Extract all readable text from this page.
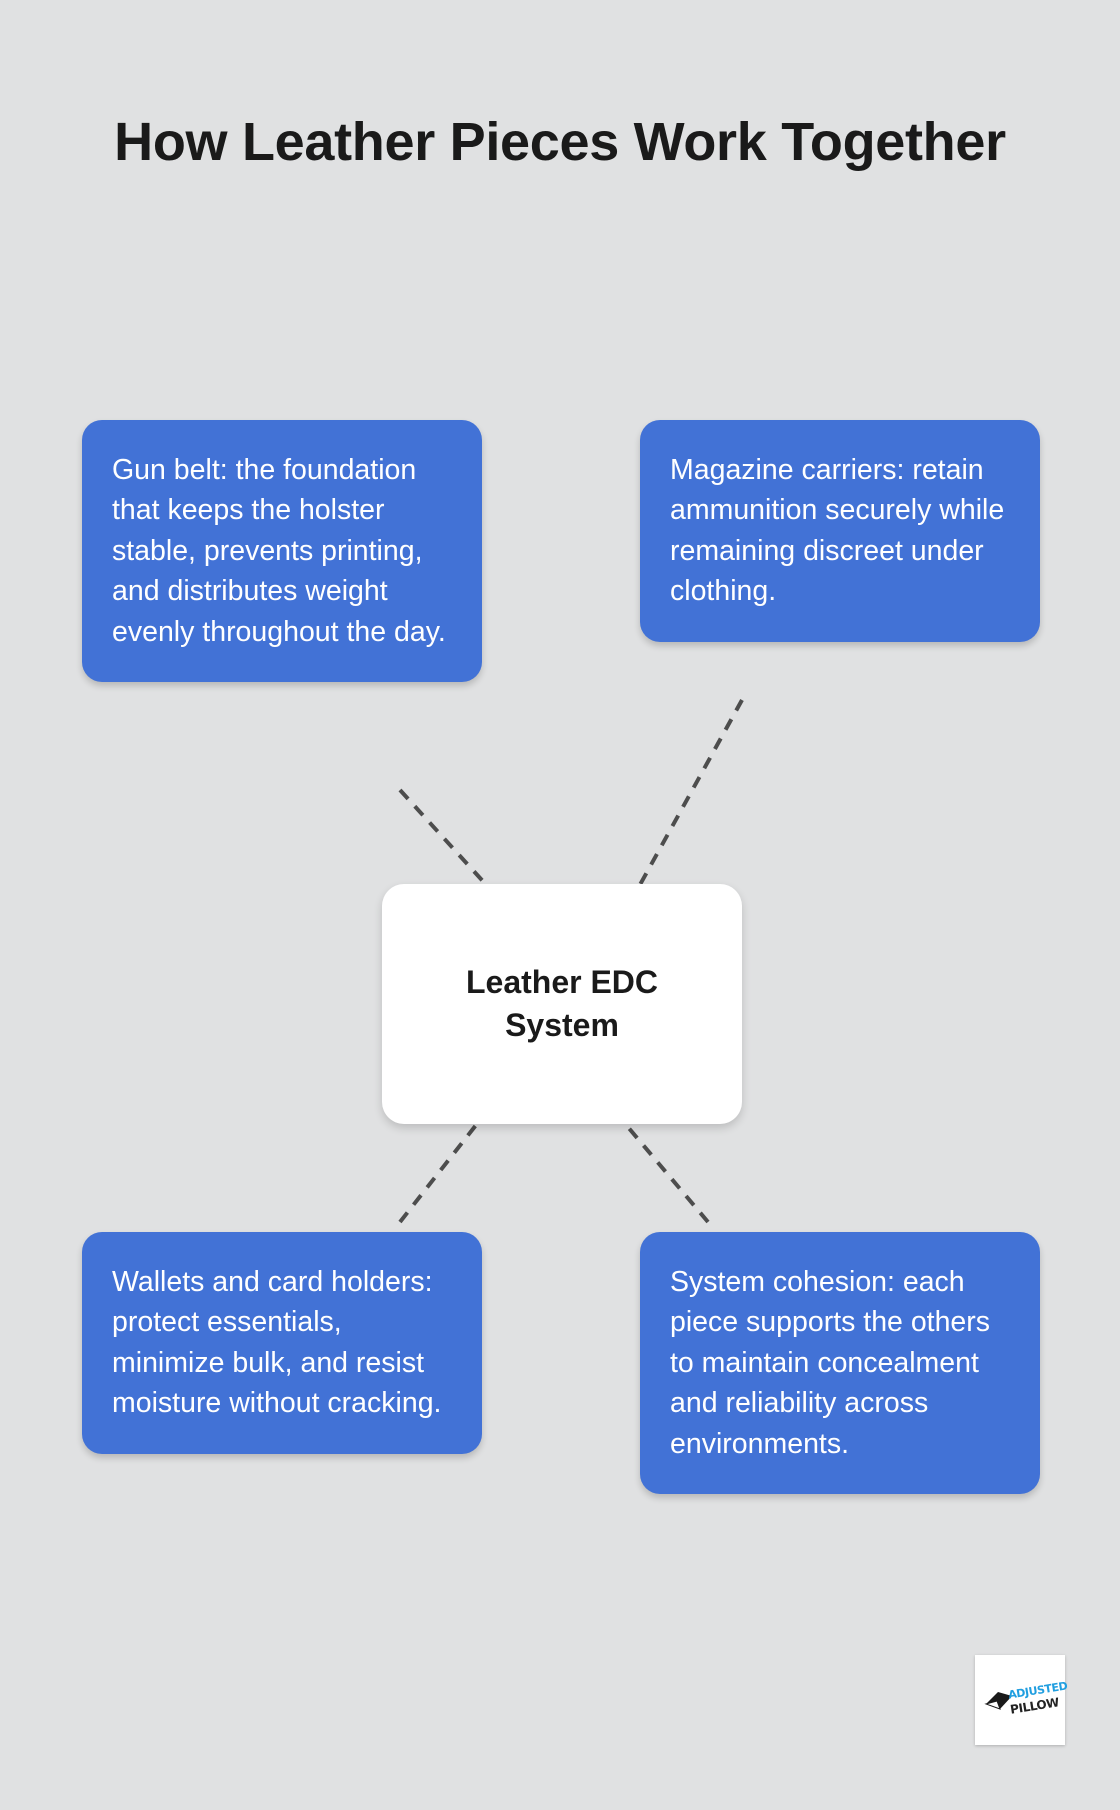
How Leather Pieces Work Together
Gun belt: the foundation that keeps the holster stable, prevents printing, and distributes weight evenly throughout the day.
Magazine carriers: retain ammunition securely while remaining discreet under clothing.
Wallets and card holders: protect essentials, minimize bulk, and resist moisture without cracking.
System cohesion: each piece supports the others to maintain concealment and reliability across environments.
Leather EDC System
ADJUSTED
PILLOW
